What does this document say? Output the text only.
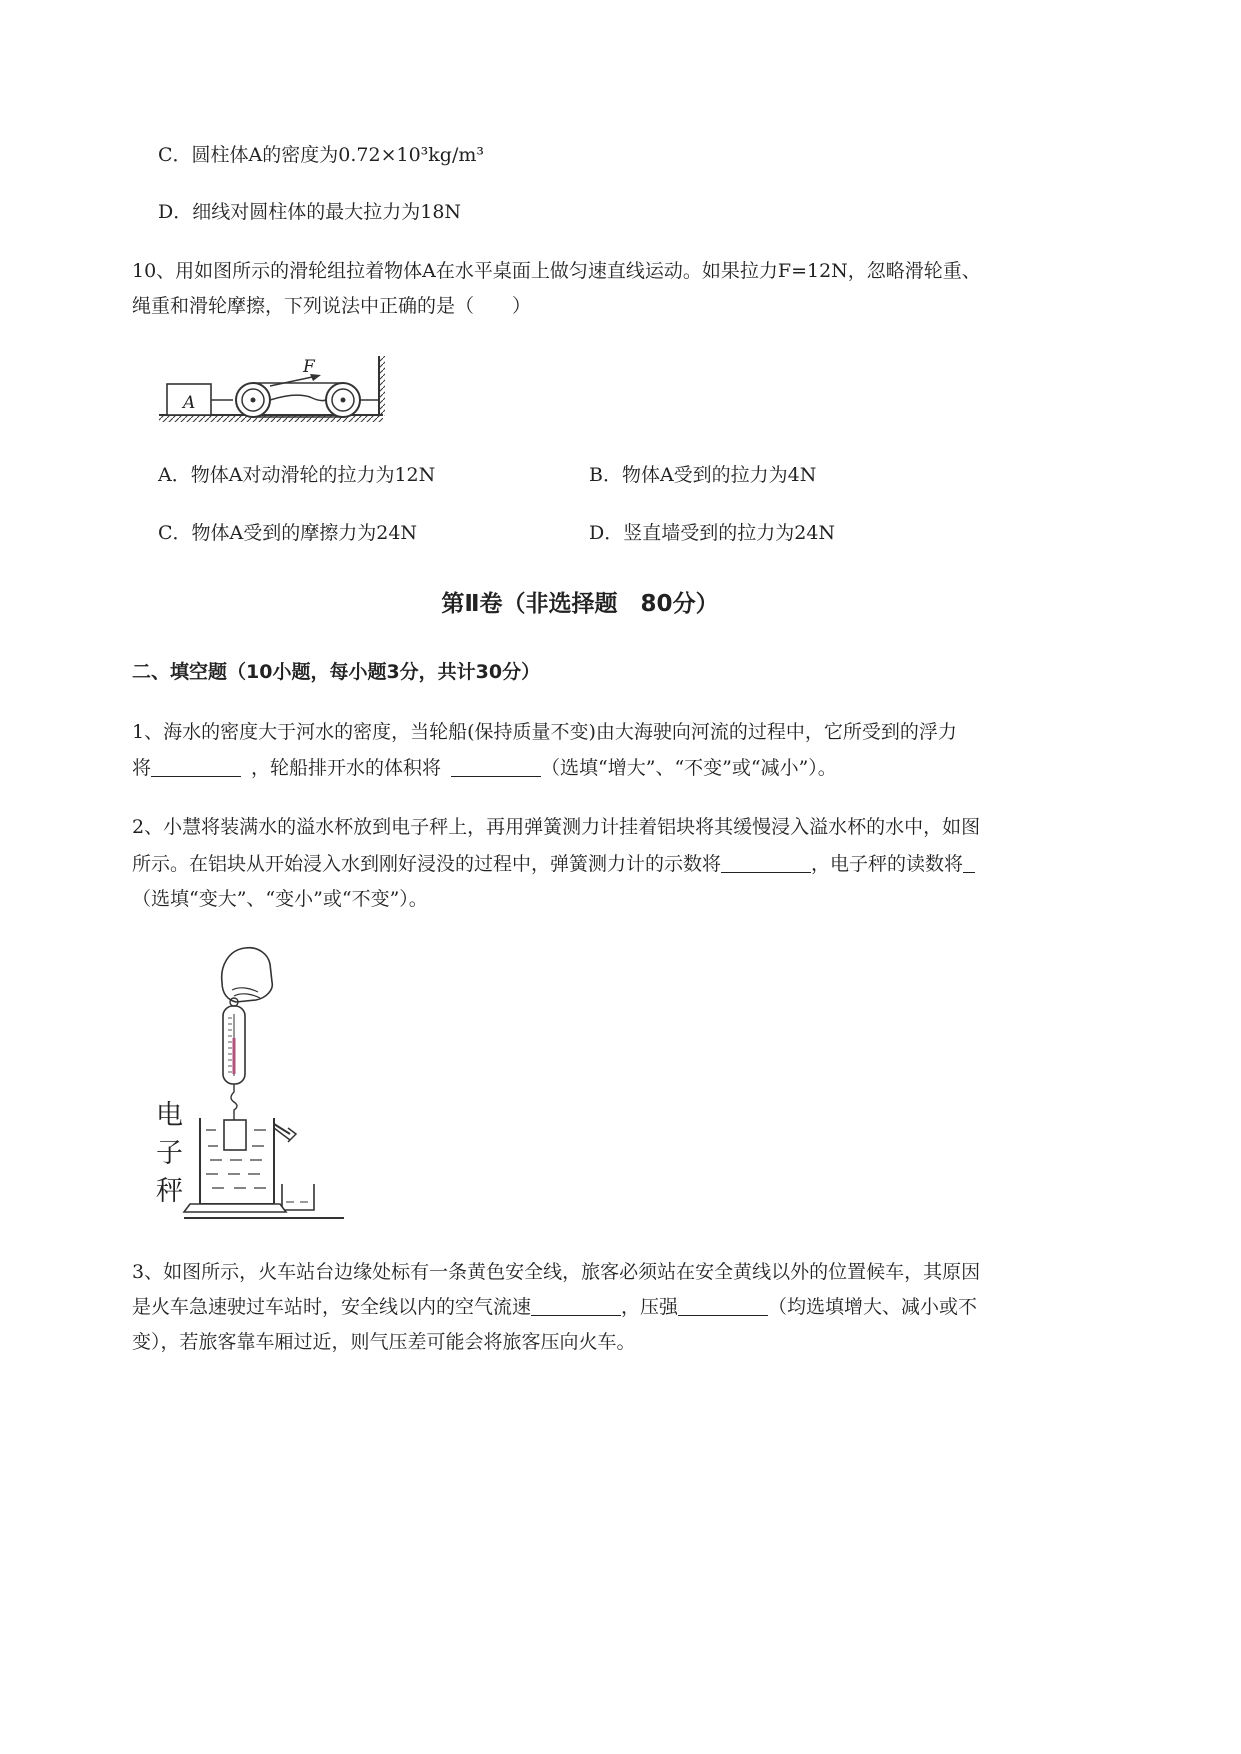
C．圆柱体A的密度为0.72×10³kg/m³
D．细线对圆柱体的最大拉力为18N
10、用如图所示的滑轮组拉着物体A在水平桌面上做匀速直线运动。如果拉力F=12N，忽略滑轮重、
绳重和滑轮摩擦，下列说法中正确的是（　　）
A
F
A．物体A对动滑轮的拉力为12N	B．物体A受到的拉力为4N
C．物体A受到的摩擦力为24N	D．竖直墙受到的拉力为24N
第Ⅱ卷（非选择题　80分）
二、填空题（10小题，每小题3分，共计30分）
1、海水的密度大于河水的密度，当轮船(保持质量不变)由大海驶向河流的过程中，它所受到的浮力
将	，轮船排开水的体积将	（选填“增大”、“不变”或“减小”）。
2、小慧将装满水的溢水杯放到电子秤上，再用弹簧测力计挂着铝块将其缓慢浸入溢水杯的水中，如图
所示。在铝块从开始浸入水到刚好浸没的过程中，弹簧测力计的示数将	，电子秤的读数将
（选填“变大”、“变小”或“不变”）。
电
子
秤
3、如图所示，火车站台边缘处标有一条黄色安全线，旅客必须站在安全黄线以外的位置候车，其原因
是火车急速驶过车站时，安全线以内的空气流速	，压强	（均选填增大、减小或不
变），若旅客靠车厢过近，则气压差可能会将旅客压向火车。
